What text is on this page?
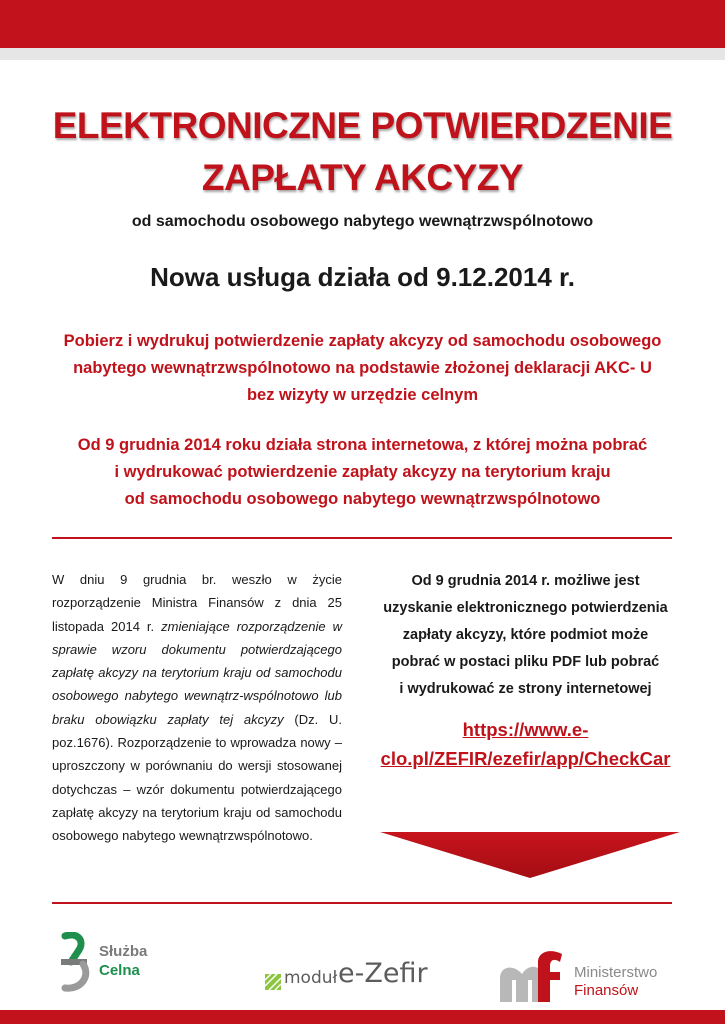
ELEKTRONICZNE POTWIERDZENIE
ZAPŁATY AKCYZY
od samochodu osobowego nabytego wewnątrzwspólnotowo
Nowa usługa działa od 9.12.2014 r.
Pobierz i wydrukuj potwierdzenie zapłaty akcyzy od samochodu osobowego
nabytego wewnątrzwspólnotowo na podstawie złożonej deklaracji AKC- U
bez wizyty w urzędzie celnym
Od 9 grudnia 2014 roku działa strona internetowa, z której można pobrać
i wydrukować potwierdzenie zapłaty akcyzy na terytorium kraju
od samochodu osobowego nabytego wewnątrzwspólnotowo
W dniu 9 grudnia br. weszło w życie rozporządzenie Ministra Finansów z dnia 25 listopada 2014 r. zmieniające rozporządzenie w sprawie wzoru dokumentu potwierdzającego zapłatę akcyzy na terytorium kraju od samochodu osobowego nabytego wewnątrz-wspólnotowo lub braku obowiązku zapłaty tej akcyzy (Dz. U. poz.1676). Rozporządzenie to wprowadza nowy – uproszczony w porównaniu do wersji stosowanej dotychczas – wzór dokumentu potwierdzającego zapłatę akcyzy na terytorium kraju od samochodu osobowego nabytego wewnątrzwspólnotowo.
Od 9 grudnia 2014 r. możliwe jest
uzyskanie elektronicznego potwierdzenia
zapłaty akcyzy, które podmiot może
pobrać w postaci pliku PDF lub pobrać
i wydrukować ze strony internetowej
https://www.e-
clo.pl/ZEFIR/ezefir/app/CheckCar
Służba
Celna	moduł e-Zefir	Ministerstwo
Finansów
